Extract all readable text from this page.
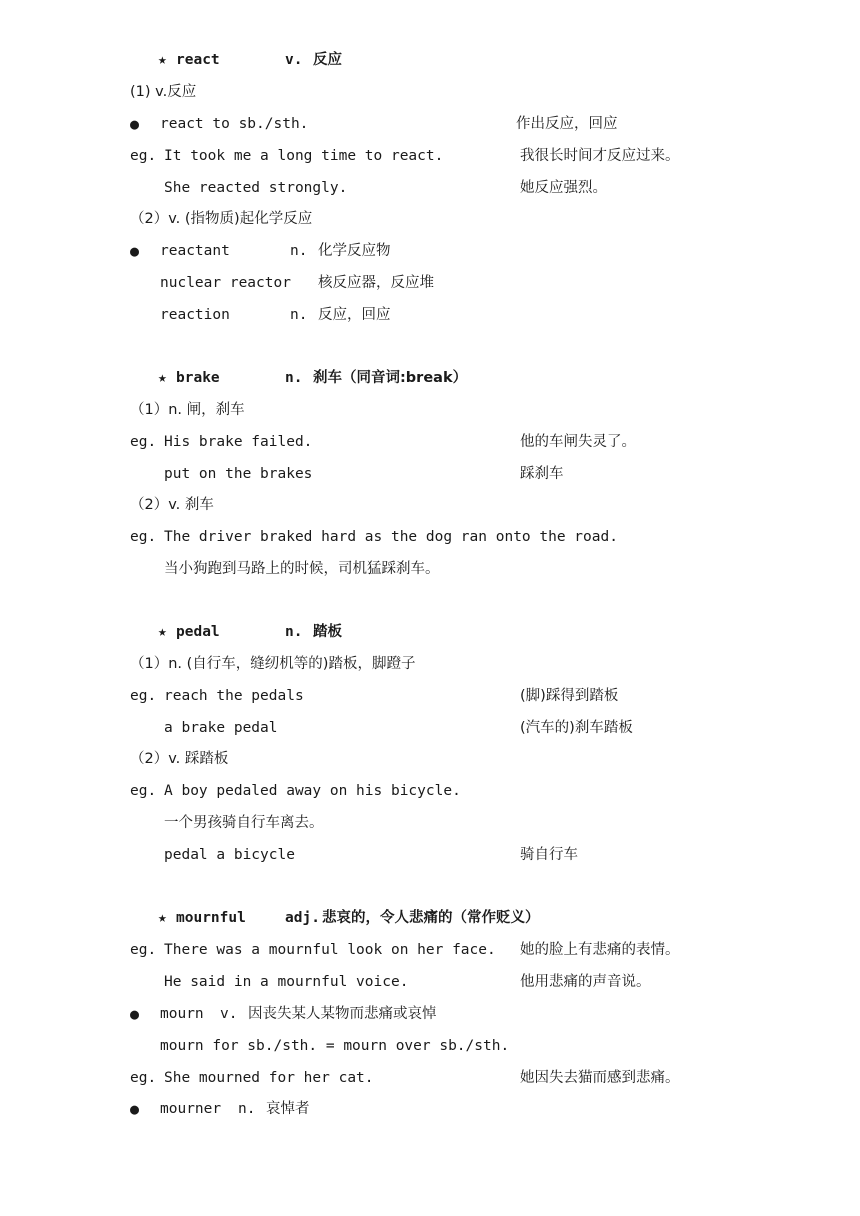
★ react	v. 反应
(1) v.反应
● react to sb./sth.	作出反应，回应
eg. It took me a long time to react.	我很长时间才反应过来。
She reacted strongly.	她反应强烈。
（2）v. (指物质)起化学反应
● reactant	n. 化学反应物
nuclear reactor 核反应器，反应堆
reaction	n. 反应，回应
★ brake	n. 刹车（同音词:break）
（1）n. 闸，刹车
eg. His brake failed.	他的车闸失灵了。
put on the brakes	踩刹车
（2）v. 刹车
eg. The driver braked hard as the dog ran onto the road.
当小狗跑到马路上的时候，司机猛踩刹车。
★ pedal	n. 踏板
（1）n. (自行车，缝纫机等的)踏板，脚蹬子
eg. reach the pedals	(脚)踩得到踏板
a brake pedal	(汽车的)刹车踏板
（2）v. 踩踏板
eg. A boy pedaled away on his bicycle.
一个男孩骑自行车离去。
pedal a bicycle	骑自行车
★ mournful	adj. 悲哀的，令人悲痛的（常作贬义）
eg. There was a mournful look on her face. 她的脸上有悲痛的表情。
He said in a mournful voice.	他用悲痛的声音说。
● mourn v. 因丧失某人某物而悲痛或哀悼
mourn for sb./sth. = mourn over sb./sth.
eg. She mourned for her cat.	她因失去猫而感到悲痛。
● mourner n. 哀悼者
